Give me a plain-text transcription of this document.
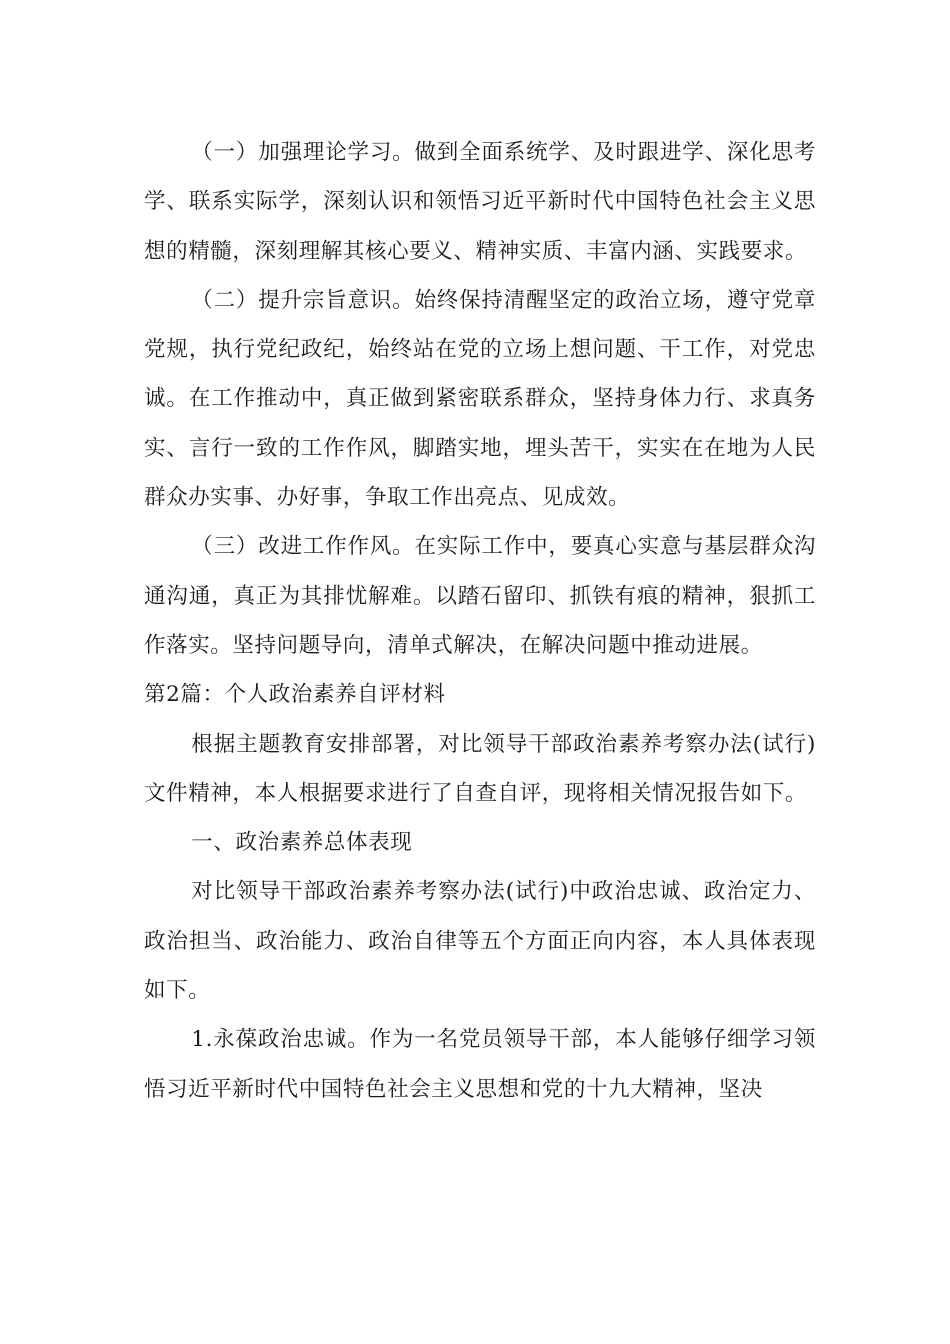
（一）加强理论学习。做到全面系统学、及时跟进学、深化思考学、联系实际学，深刻认识和领悟习近平新时代中国特色社会主义思想的精髓，深刻理解其核心要义、精神实质、丰富内涵、实践要求。

（二）提升宗旨意识。始终保持清醒坚定的政治立场，遵守党章党规，执行党纪政纪，始终站在党的立场上想问题、干工作，对党忠诚。在工作推动中，真正做到紧密联系群众，坚持身体力行、求真务实、言行一致的工作作风，脚踏实地，埋头苦干，实实在在地为人民群众办实事、办好事，争取工作出亮点、见成效。

（三）改进工作作风。在实际工作中，要真心实意与基层群众沟通沟通，真正为其排忧解难。以踏石留印、抓铁有痕的精神，狠抓工作落实。坚持问题导向，清单式解决，在解决问题中推动进展。

第2篇：个人政治素养自评材料

根据主题教育安排部署，对比领导干部政治素养考察办法(试行)文件精神，本人根据要求进行了自查自评，现将相关情况报告如下。

一、政治素养总体表现

对比领导干部政治素养考察办法(试行)中政治忠诚、政治定力、政治担当、政治能力、政治自律等五个方面正向内容，本人具体表现如下。

1.永葆政治忠诚。作为一名党员领导干部，本人能够仔细学习领悟习近平新时代中国特色社会主义思想和党的十九大精神，坚决
